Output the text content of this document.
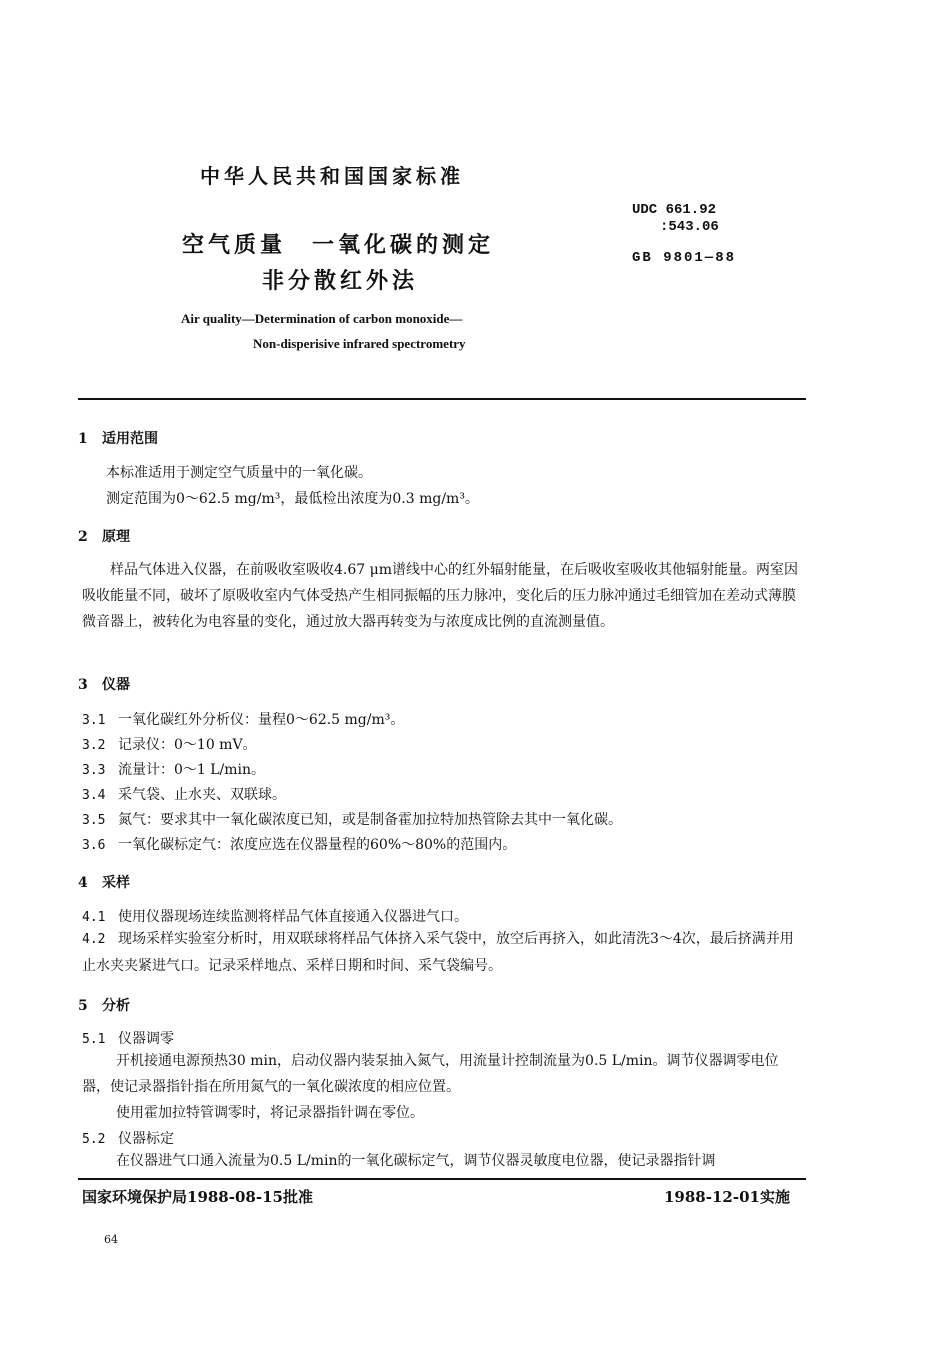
中华人民共和国国家标准
UDC 661.92
:543.06
GB 9801—88
空气质量　一氧化碳的测定
非分散红外法
Air quality—Determination of carbon monoxide—
Non-disperisive infrared spectrometry
1 适用范围
本标准适用于测定空气质量中的一氧化碳。
测定范围为0～62.5 mg/m³，最低检出浓度为0.3 mg/m³。
2 原理
样品气体进入仪器，在前吸收室吸收4.67 μm谱线中心的红外辐射能量，在后吸收室吸收其他辐射能量。两室因吸收能量不同，破坏了原吸收室内气体受热产生相同振幅的压力脉冲，变化后的压力脉冲通过毛细管加在差动式薄膜微音器上，被转化为电容量的变化，通过放大器再转变为与浓度成比例的直流测量值。
3 仪器
3.1 一氧化碳红外分析仪：量程0～62.5 mg/m³。
3.2 记录仪：0～10 mV。
3.3 流量计：0～1 L/min。
3.4 采气袋、止水夹、双联球。
3.5 氮气：要求其中一氧化碳浓度已知，或是制备霍加拉特加热管除去其中一氧化碳。
3.6 一氧化碳标定气：浓度应选在仪器量程的60%～80%的范围内。
4 采样
4.1 使用仪器现场连续监测将样品气体直接通入仪器进气口。
4.2 现场采样实验室分析时，用双联球将样品气体挤入采气袋中，放空后再挤入，如此清洗3～4次，最后挤满并用止水夹夹紧进气口。记录采样地点、采样日期和时间、采气袋编号。
5 分析
5.1 仪器调零
开机接通电源预热30 min，启动仪器内装泵抽入氮气，用流量计控制流量为0.5 L/min。调节仪器调零电位器，使记录器指针指在所用氮气的一氧化碳浓度的相应位置。
使用霍加拉特管调零时，将记录器指针调在零位。
5.2 仪器标定
在仪器进气口通入流量为0.5 L/min的一氧化碳标定气，调节仪器灵敏度电位器，使记录器指针调
国家环境保护局1988-08-15批准	1988-12-01实施
64
